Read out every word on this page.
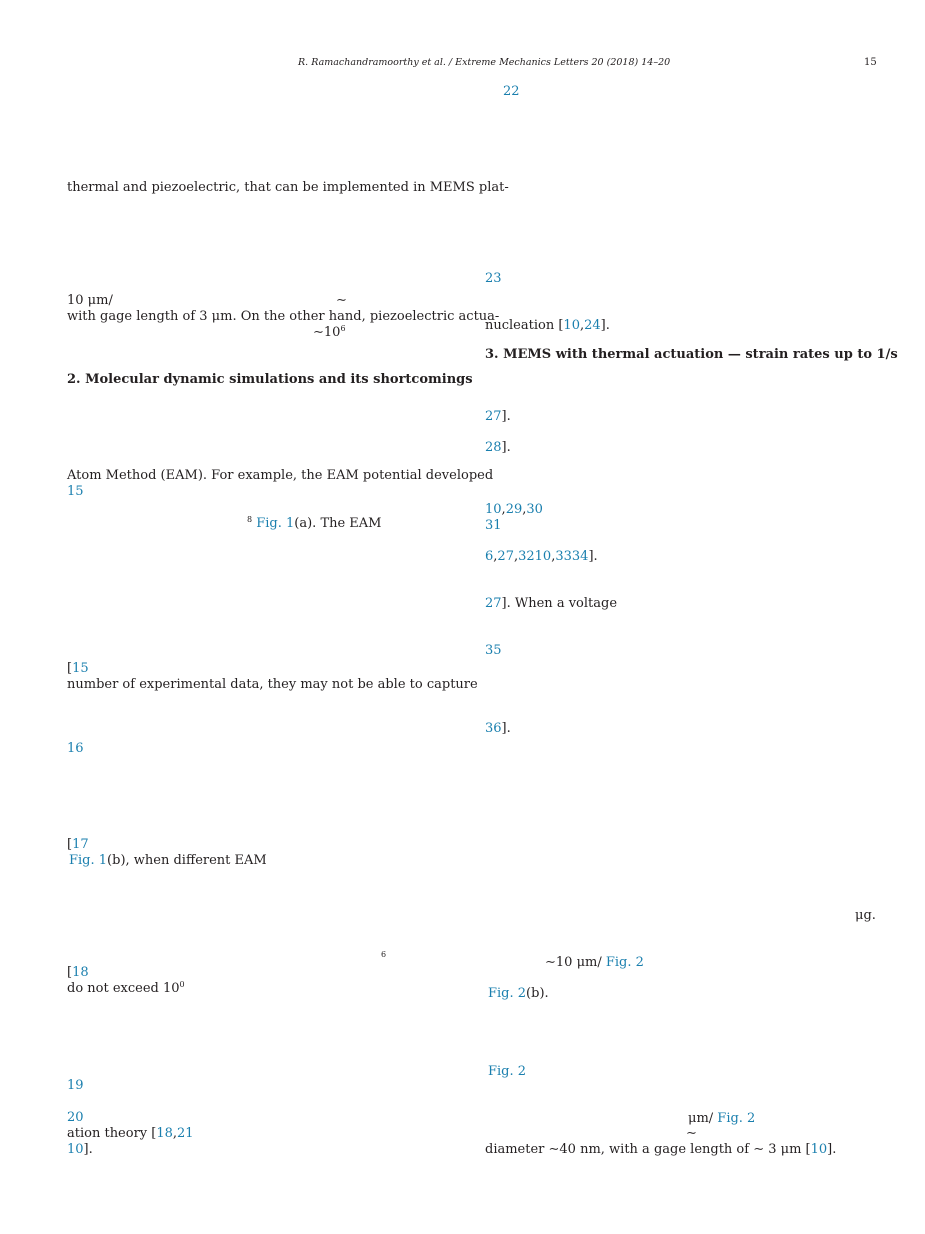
R. Ramachandramoorthy et al. / Extreme Mechanics Letters 20 (2018) 14–20	15
thermal and piezoelectric, that can be implemented in MEMS plat-
10 μm/	∼
with gage length of 3 μm. On the other hand, piezoelectric actua-
$\sim 10^6$
2. Molecular dynamic simulations and its shortcomings
Atom Method (EAM). For example, the EAM potential developed
15
$^8$ Fig. 1(a). The EAM
[15
number of experimental data, they may not be able to capture
16
[17
Fig. 1(b), when different EAM
6
[18
do not exceed $10^0$
19
20
ation theory [18,21
10].
22
23
nucleation [10,24].
3. MEMS with thermal actuation — strain rates up to 1/s
27].
28].
10,29,30
31
6,27,3210,3334].
27]. When a voltage
35
36].
μg.
∼10 μm/ Fig. 2
Fig. 2(b).
Fig. 2
μm/ Fig. 2
∼
diameter ∼40 nm, with a gage length of ∼ 3 μm [10].
